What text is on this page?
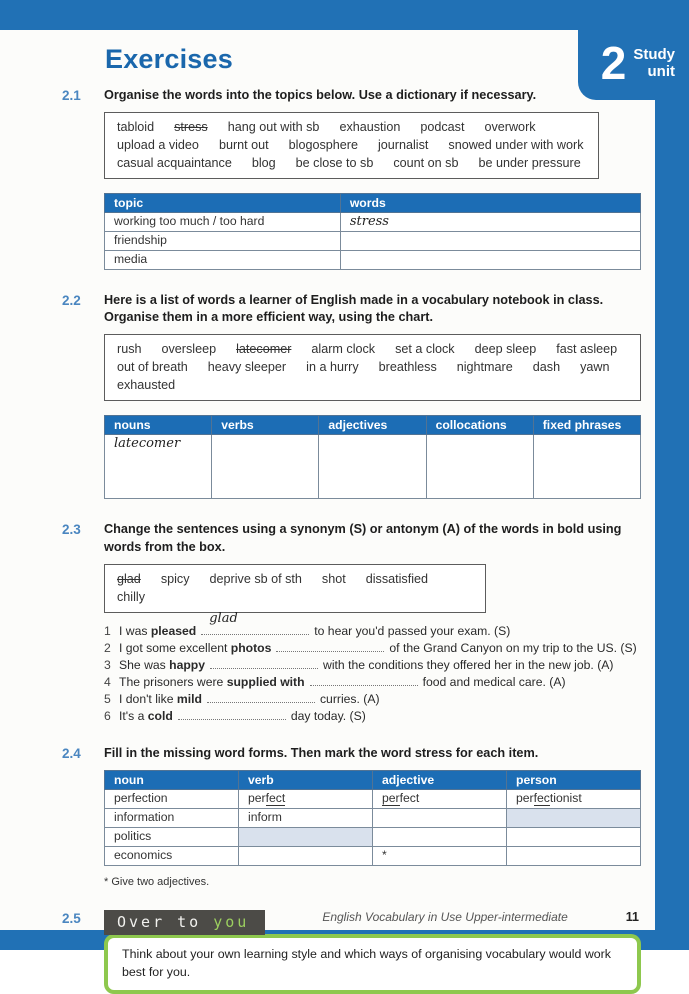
Exercises
2.1	Organise the words into the topics below. Use a dictionary if necessary.
tabloid stress hang out with sb exhaustion podcast overwork
upload a video burnt out blogosphere journalist snowed under with work
casual acquaintance blog be close to sb count on sb be under pressure
topic	words
working too much / too hard	stress
friendship	
media	
2.2	Here is a list of words a learner of English made in a vocabulary notebook in class. Organise them in a more efficient way, using the chart.
rush oversleep latecomer alarm clock set a clock deep sleep fast asleep
out of breath heavy sleeper in a hurry breathless nightmare dash yawn
exhausted
nouns	verbs	adjectives	collocations	fixed phrases
latecomer				
2.3	Change the sentences using a synonym (S) or antonym (A) of the words in bold using words from the box.
glad spicy deprive sb of sth shot dissatisfied
chilly
1 I was pleased
glad
to hear you'd passed your exam. (S)
2 I got some excellent photos	of the Grand Canyon on my trip to the US. (S)
3 She was happy	with the conditions they offered her in the new job. (A)
4 The prisoners were supplied with	food and medical care. (A)
5 I don't like mild	curries. (A)
6 It's a cold	day today. (S)
2.4	Fill in the missing word forms. Then mark the word stress for each item.
noun	verb	adjective	person
perfection	perfect	perfect	perfectionist
information	inform		
politics			
economics		*	
* Give two adjectives.
2.5	Over to you
Think about your own learning style and which ways of organising vocabulary would work best for you.
English Vocabulary in Use Upper-intermediate	11
2 Study
unit
